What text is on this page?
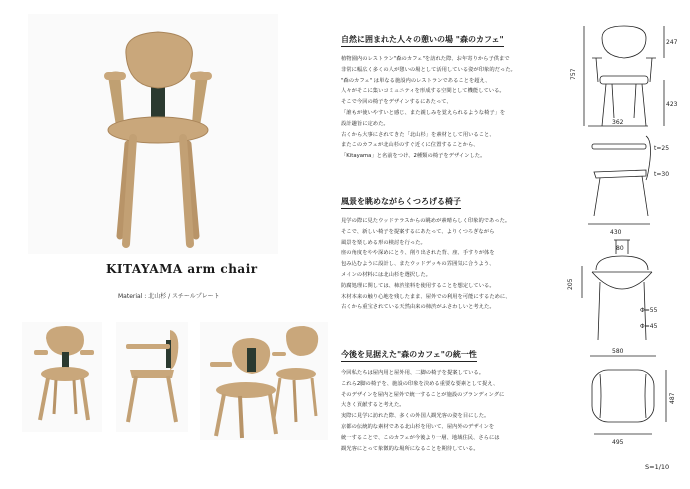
KITAYAMA arm chair
Material : 北山杉 / スチールプレート
自然に囲まれた人々の憩いの場 "森のカフェ"
植物園内のレストラン"森のカフェ"を訪れた際、お年寄りから子供まで
非常に幅広く多くの人が憩いの場として活用している姿が印象的だった。
"森のカフェ" は単なる施設内のレストランであることを超え、
人々がそこに集いコミュニティを形成する空間として機能している。
そこで今回の椅子をデザインするにあたって、
「誰もが使いやすいと感じ、また親しみを覚えられるような椅子」を
設計趣旨に定めた。
古くから大事にされてきた「北山杉」を素材として用いること、
またこのカフェが北山杉のすぐ近くに位置することから、
「Kitayama」と名前をつけ、2種類の椅子をデザインした。
風景を眺めながらくつろげる椅子
見学の際に見たウッドテラスからの眺めが素晴らしく印象的であった。
そこで、新しい椅子を提案するにあたって、よりくつろぎながら
風景を楽しめる形の検討を行った。
座の角度をやや深めにとり、削り出された背、座、手すりが体を
包み込むように設計し、またウッドデッキの雰囲気に合うよう、
メインの材料には北山杉を選択した。
防腐処理に関しては、柿渋塗料を使用することを想定している。
木材本来の触り心地を残したまま、屋外での利用を可能にするために、
古くから重宝されている天然由来の柿渋がふさわしいと考えた。
今後を見据えた"森のカフェ"の統一性
今回私たちは屋内用と屋外用、二脚の椅子を提案している。
これら2脚の椅子を、施設の印象を決める重要な要素として捉え、
そのデザインを屋内と屋外で統一することが施設のブランディングに
大きく貢献すると考えた。
実際に見学に訪れた際、多くの外国人観光客の姿を目にした。
京都の伝統的な素材である北山杉を用いて、屋内外のデザインを
統一することで、このカフェが今後より一層、地域住民、さらには
観光客にとって象徴的な場所になることを期待している。
247
757
423
362
t=25
t=30
430
80
205
Φ=55
Φ=45
580
487
495
S=1/10
